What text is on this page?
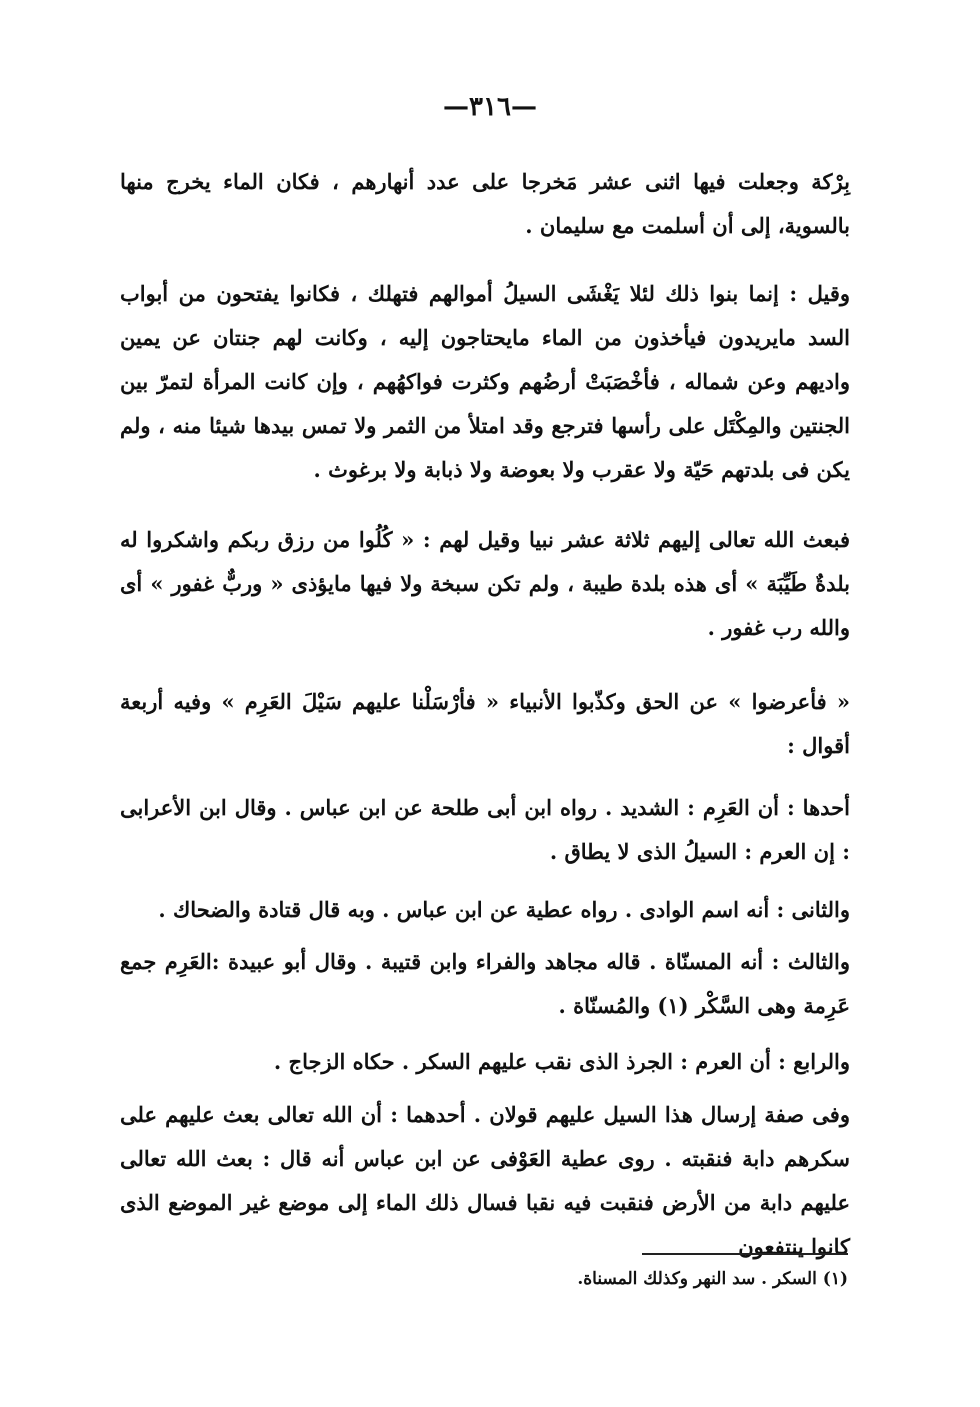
—٣١٦—

بِرْكة وجعلت فيها اثنى عشر مَخرجا على عدد أنهارهم ، فكان الماء يخرج منها بالسوية، إلى أن أسلمت مع سليمان .

وقيل : إنما بنوا ذلك لئلا يَغْشَى السيلُ أموالهم فتهلك ، فكانوا يفتحون من أبواب السد مايريدون فيأخذون من الماء مايحتاجون إليه ، وكانت لهم جنتان عن يمين واديهم وعن شماله ، فأخْصَبَتْ أرضُهم وكثرت فواكهُهم ، وإن كانت المرأة لتمرّ بين الجنتين والمِكْتَل على رأسها فترجع وقد امتلأ من الثمر ولا تمس بيدها شيئا منه ، ولم يكن فى بلدتهم حَيّة ولا عقرب ولا بعوضة ولا ذبابة ولا برغوث .

فبعث الله تعالى إليهم ثلاثة عشر نبيا وقيل لهم : « كُلُوا من رزق ربكم واشكروا له بلدةٌ طَيِّبَة » أى هذه بلدة طيبة ، ولم تكن سبخة ولا فيها مايؤذى « وربٌّ غفور » أى والله رب غفور .

« فأعرضوا » عن الحق وكذّبوا الأنبياء « فأرْسَلْنا عليهم سَيْلَ العَرِم » وفيه أربعة أقوال :

أحدها : أن العَرِم : الشديد . رواه ابن أبى طلحة عن ابن عباس . وقال ابن الأعرابى : إن العرم : السيلُ الذى لا يطاق .

والثانى : أنه اسم الوادى . رواه عطية عن ابن عباس . وبه قال قتادة والضحاك .

والثالث : أنه المسنّاة . قاله مجاهد والفراء وابن قتيبة . وقال أبو عبيدة :العَرِم جمع عَرِمة وهى السَّكْر (١) والمُسنّاة .

والرابع : أن العرم : الجرذ الذى نقب عليهم السكر . حكاه الزجاج .

وفى صفة إرسال هذا السيل عليهم قولان . أحدهما : أن الله تعالى بعث عليهم على سكرهم دابة فنقبته . روى عطية العَوْفى عن ابن عباس أنه قال : بعث الله تعالى عليهم دابة من الأرض فنقبت فيه نقبا فسال ذلك الماء إلى موضع غير الموضع الذى كانوا ينتفعون

(١) السكر . سد النهر وكذلك المسناة.
